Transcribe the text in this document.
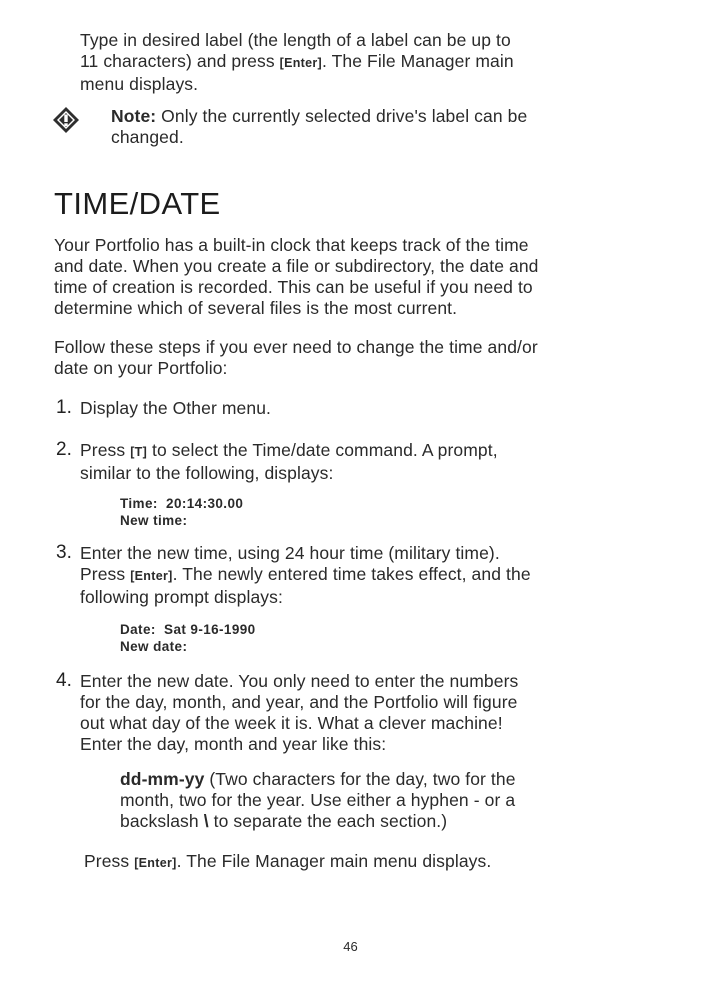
Type in desired label (the length of a label can be up to
11 characters) and press [Enter]. The File Manager main
menu displays.
Note: Only the currently selected drive's label can be
changed.
TIME/DATE
Your Portfolio has a built-in clock that keeps track of the time
and date. When you create a file or subdirectory, the date and
time of creation is recorded. This can be useful if you need to
determine which of several files is the most current.
Follow these steps if you ever need to change the time and/or
date on your Portfolio:
1. Display the Other menu.
2. Press [T] to select the Time/date command. A prompt,
similar to the following, displays:
Time:  20:14:30.00
New time:
3. Enter the new time, using 24 hour time (military time).
Press [Enter]. The newly entered time takes effect, and the
following prompt displays:
Date:  Sat 9-16-1990
New date:
4. Enter the new date. You only need to enter the numbers
for the day, month, and year, and the Portfolio will figure
out what day of the week it is. What a clever machine!
Enter the day, month and year like this:
dd-mm-yy (Two characters for the day, two for the
month, two for the year. Use either a hyphen - or a
backslash \ to separate the each section.)
Press [Enter]. The File Manager main menu displays.
46
